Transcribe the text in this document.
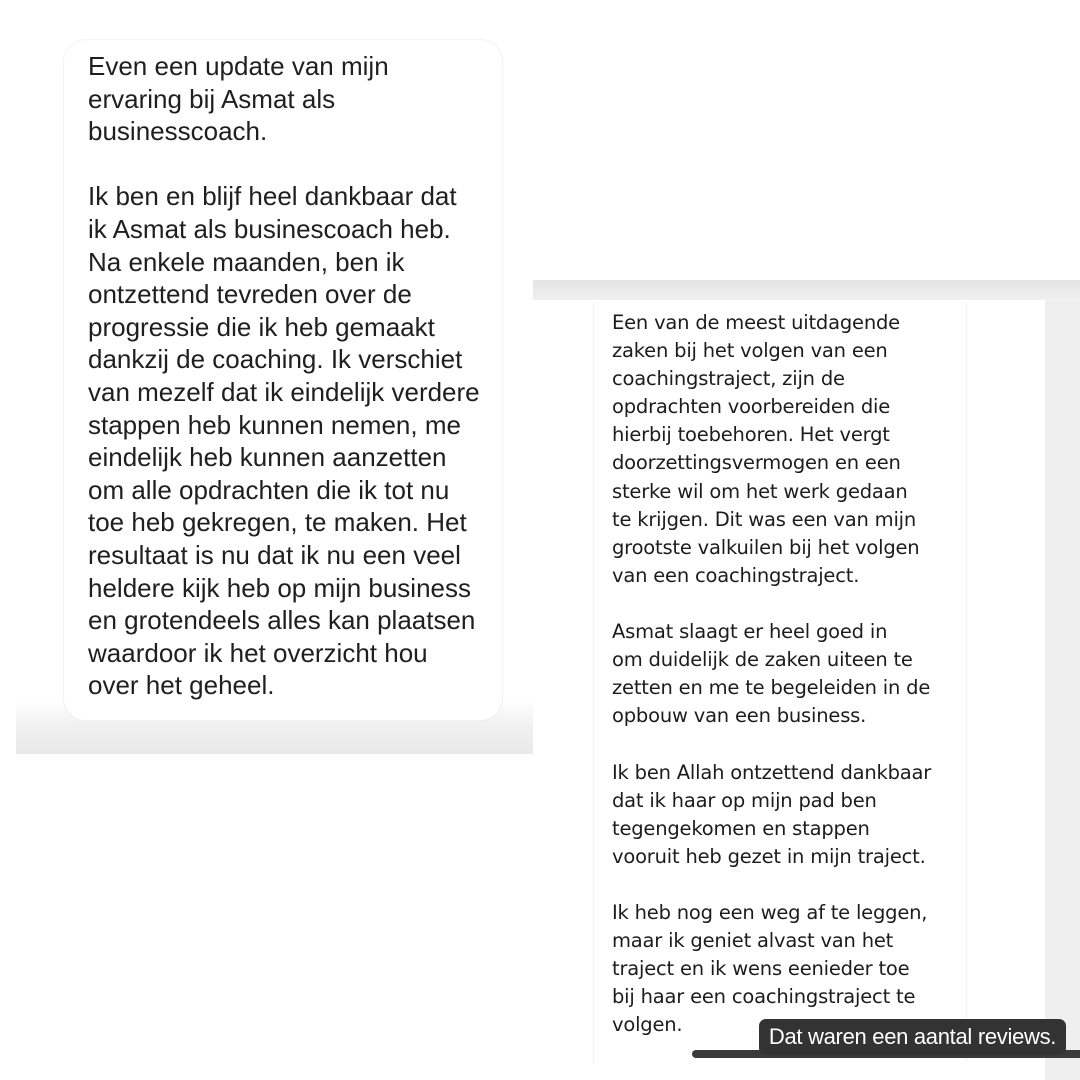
Even een update van mijn
ervaring bij Asmat als
businesscoach.

Ik ben en blijf heel dankbaar dat
ik Asmat als businescoach heb.
Na enkele maanden, ben ik
ontzettend tevreden over de
progressie die ik heb gemaakt
dankzij de coaching. Ik verschiet
van mezelf dat ik eindelijk verdere
stappen heb kunnen nemen, me
eindelijk heb kunnen aanzetten
om alle opdrachten die ik tot nu
toe heb gekregen, te maken. Het
resultaat is nu dat ik nu een veel
heldere kijk heb op mijn business
en grotendeels alles kan plaatsen
waardoor ik het overzicht hou
over het geheel.

Een van de meest uitdagende
zaken bij het volgen van een
coachingstraject, zijn de
opdrachten voorbereiden die
hierbij toebehoren. Het vergt
doorzettingsvermogen en een
sterke wil om het werk gedaan
te krijgen. Dit was een van mijn
grootste valkuilen bij het volgen
van een coachingstraject.

Asmat slaagt er heel goed in
om duidelijk de zaken uiteen te
zetten en me te begeleiden in de
opbouw van een business.

Ik ben Allah ontzettend dankbaar
dat ik haar op mijn pad ben
tegengekomen en stappen
vooruit heb gezet in mijn traject.

Ik heb nog een weg af te leggen,
maar ik geniet alvast van het
traject en ik wens eenieder toe
bij haar een coachingstraject te
volgen.	Dat waren een aantal reviews.
